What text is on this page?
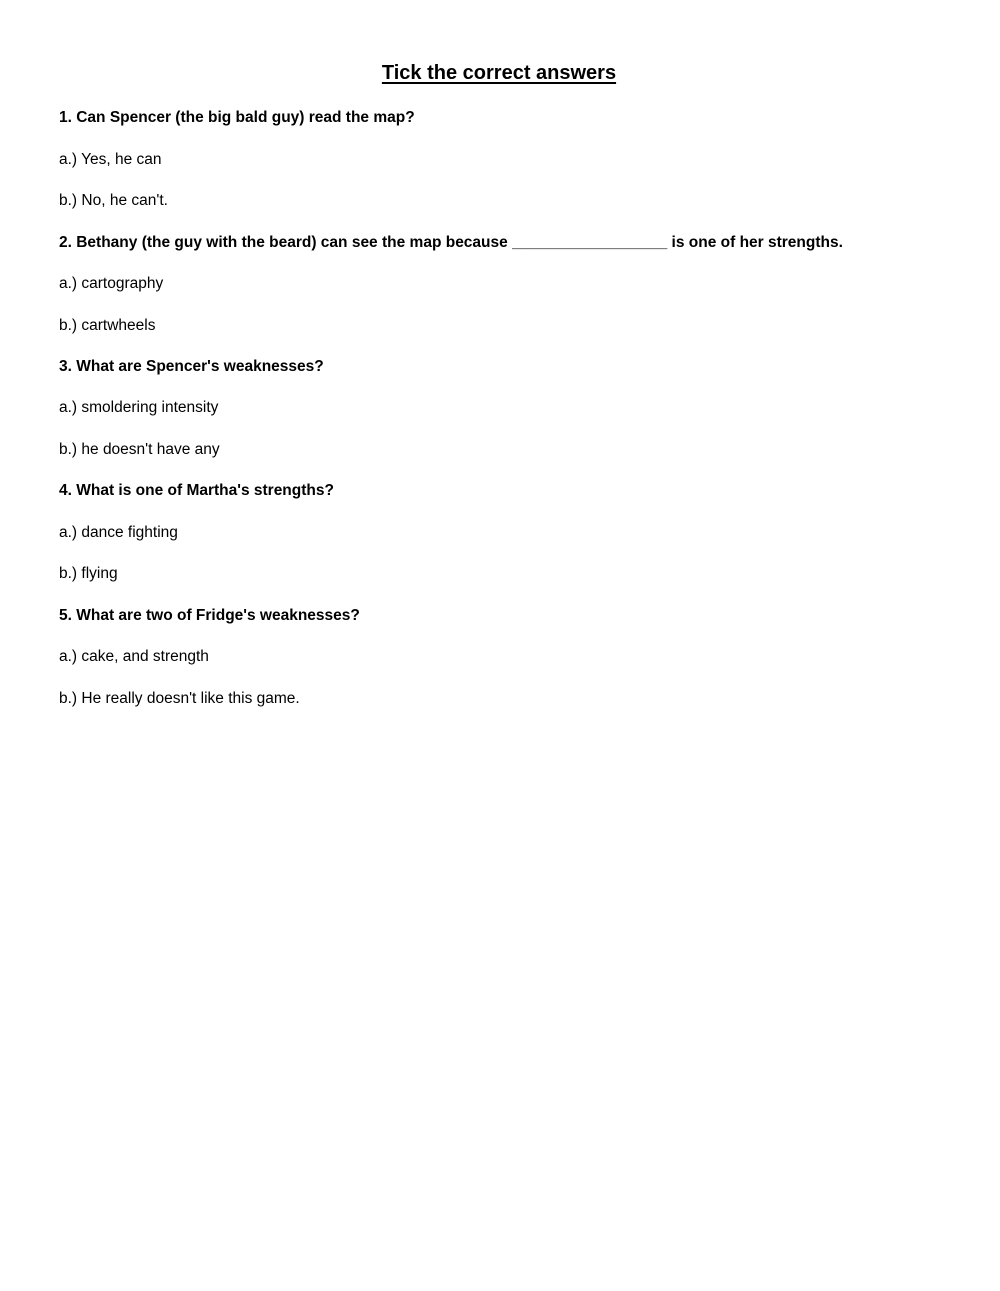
Tick the correct answers
1. Can Spencer (the big bald guy) read the map?
a.) Yes, he can
b.) No, he can't.
2. Bethany (the guy with the beard) can see the map because __________________ is one of her strengths.
a.) cartography
b.) cartwheels
3. What are Spencer's weaknesses?
a.) smoldering intensity
b.) he doesn't have any
4. What is one of Martha's strengths?
a.) dance fighting
b.) flying
5. What are two of Fridge's weaknesses?
a.) cake, and strength
b.) He really doesn't like this game.
